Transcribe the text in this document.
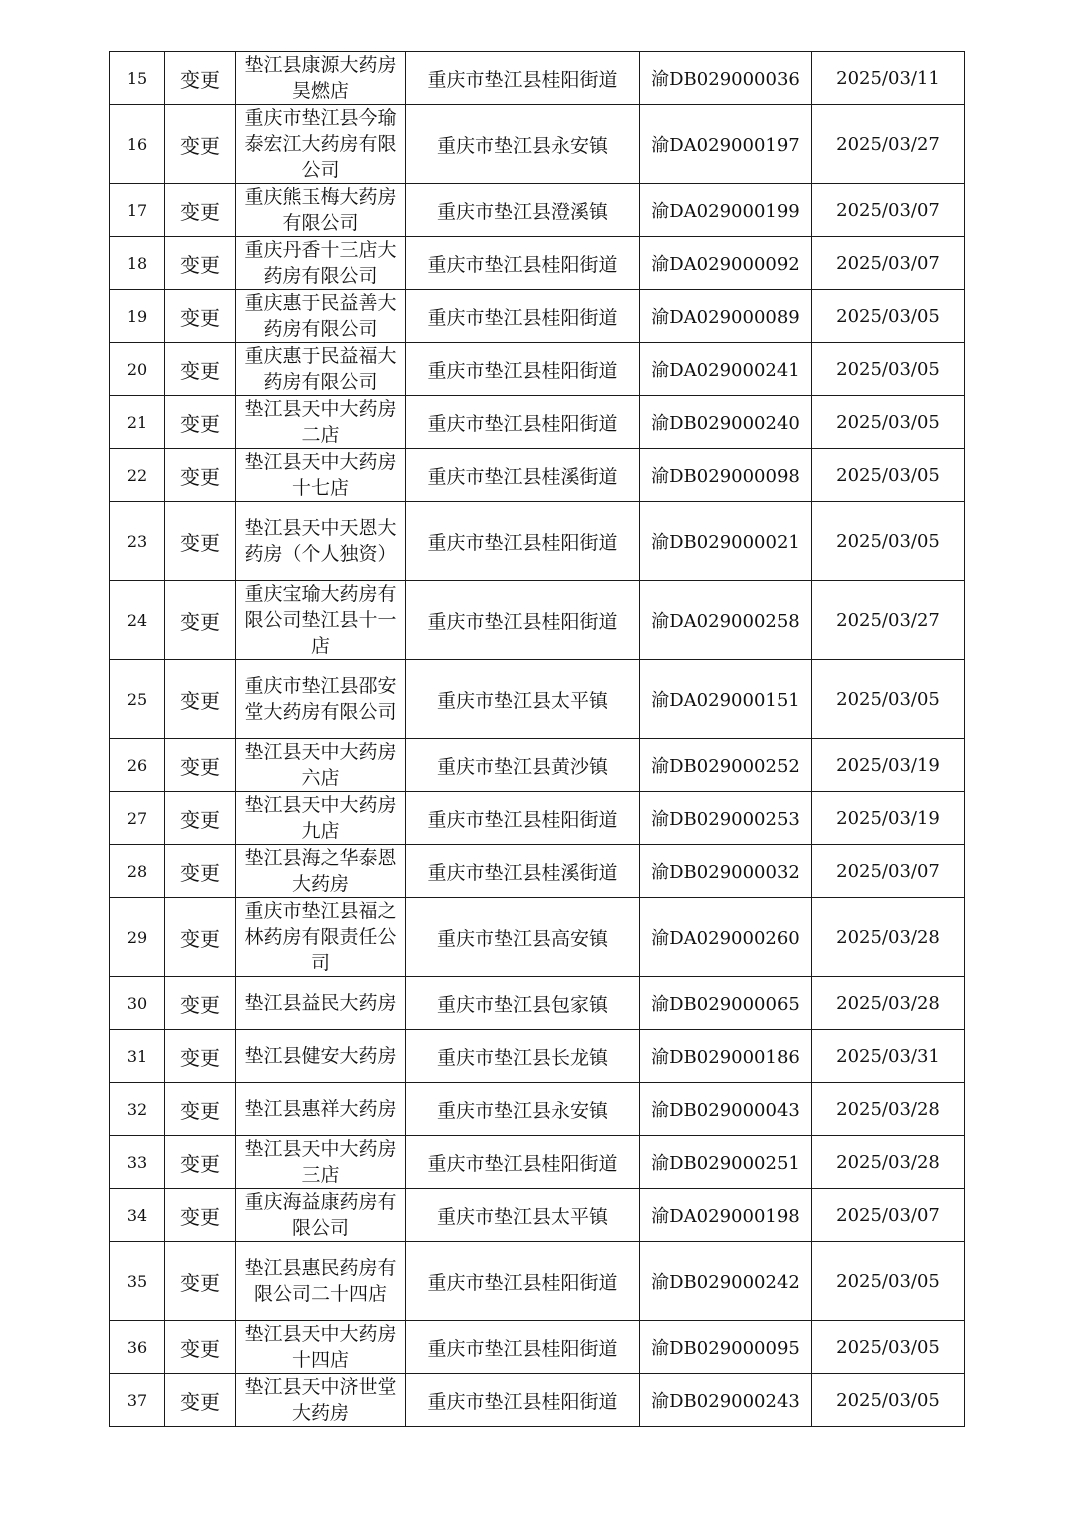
15	变更	垫江县康源大药房昊燃店	重庆市垫江县桂阳街道	渝DB029000036	2025/03/11
16	变更	重庆市垫江县今瑜泰宏江大药房有限公司	重庆市垫江县永安镇	渝DA029000197	2025/03/27
17	变更	重庆熊玉梅大药房有限公司	重庆市垫江县澄溪镇	渝DA029000199	2025/03/07
18	变更	重庆丹香十三店大药房有限公司	重庆市垫江县桂阳街道	渝DA029000092	2025/03/07
19	变更	重庆惠于民益善大药房有限公司	重庆市垫江县桂阳街道	渝DA029000089	2025/03/05
20	变更	重庆惠于民益福大药房有限公司	重庆市垫江县桂阳街道	渝DA029000241	2025/03/05
21	变更	垫江县天中大药房二店	重庆市垫江县桂阳街道	渝DB029000240	2025/03/05
22	变更	垫江县天中大药房十七店	重庆市垫江县桂溪街道	渝DB029000098	2025/03/05
23	变更	垫江县天中天恩大药房（个人独资）	重庆市垫江县桂阳街道	渝DB029000021	2025/03/05
24	变更	重庆宝瑜大药房有限公司垫江县十一店	重庆市垫江县桂阳街道	渝DA029000258	2025/03/27
25	变更	重庆市垫江县邵安堂大药房有限公司	重庆市垫江县太平镇	渝DA029000151	2025/03/05
26	变更	垫江县天中大药房六店	重庆市垫江县黄沙镇	渝DB029000252	2025/03/19
27	变更	垫江县天中大药房九店	重庆市垫江县桂阳街道	渝DB029000253	2025/03/19
28	变更	垫江县海之华泰恩大药房	重庆市垫江县桂溪街道	渝DB029000032	2025/03/07
29	变更	重庆市垫江县福之林药房有限责任公司	重庆市垫江县高安镇	渝DA029000260	2025/03/28
30	变更	垫江县益民大药房	重庆市垫江县包家镇	渝DB029000065	2025/03/28
31	变更	垫江县健安大药房	重庆市垫江县长龙镇	渝DB029000186	2025/03/31
32	变更	垫江县惠祥大药房	重庆市垫江县永安镇	渝DB029000043	2025/03/28
33	变更	垫江县天中大药房三店	重庆市垫江县桂阳街道	渝DB029000251	2025/03/28
34	变更	重庆海益康药房有限公司	重庆市垫江县太平镇	渝DA029000198	2025/03/07
35	变更	垫江县惠民药房有限公司二十四店	重庆市垫江县桂阳街道	渝DB029000242	2025/03/05
36	变更	垫江县天中大药房十四店	重庆市垫江县桂阳街道	渝DB029000095	2025/03/05
37	变更	垫江县天中济世堂大药房	重庆市垫江县桂阳街道	渝DB029000243	2025/03/05
